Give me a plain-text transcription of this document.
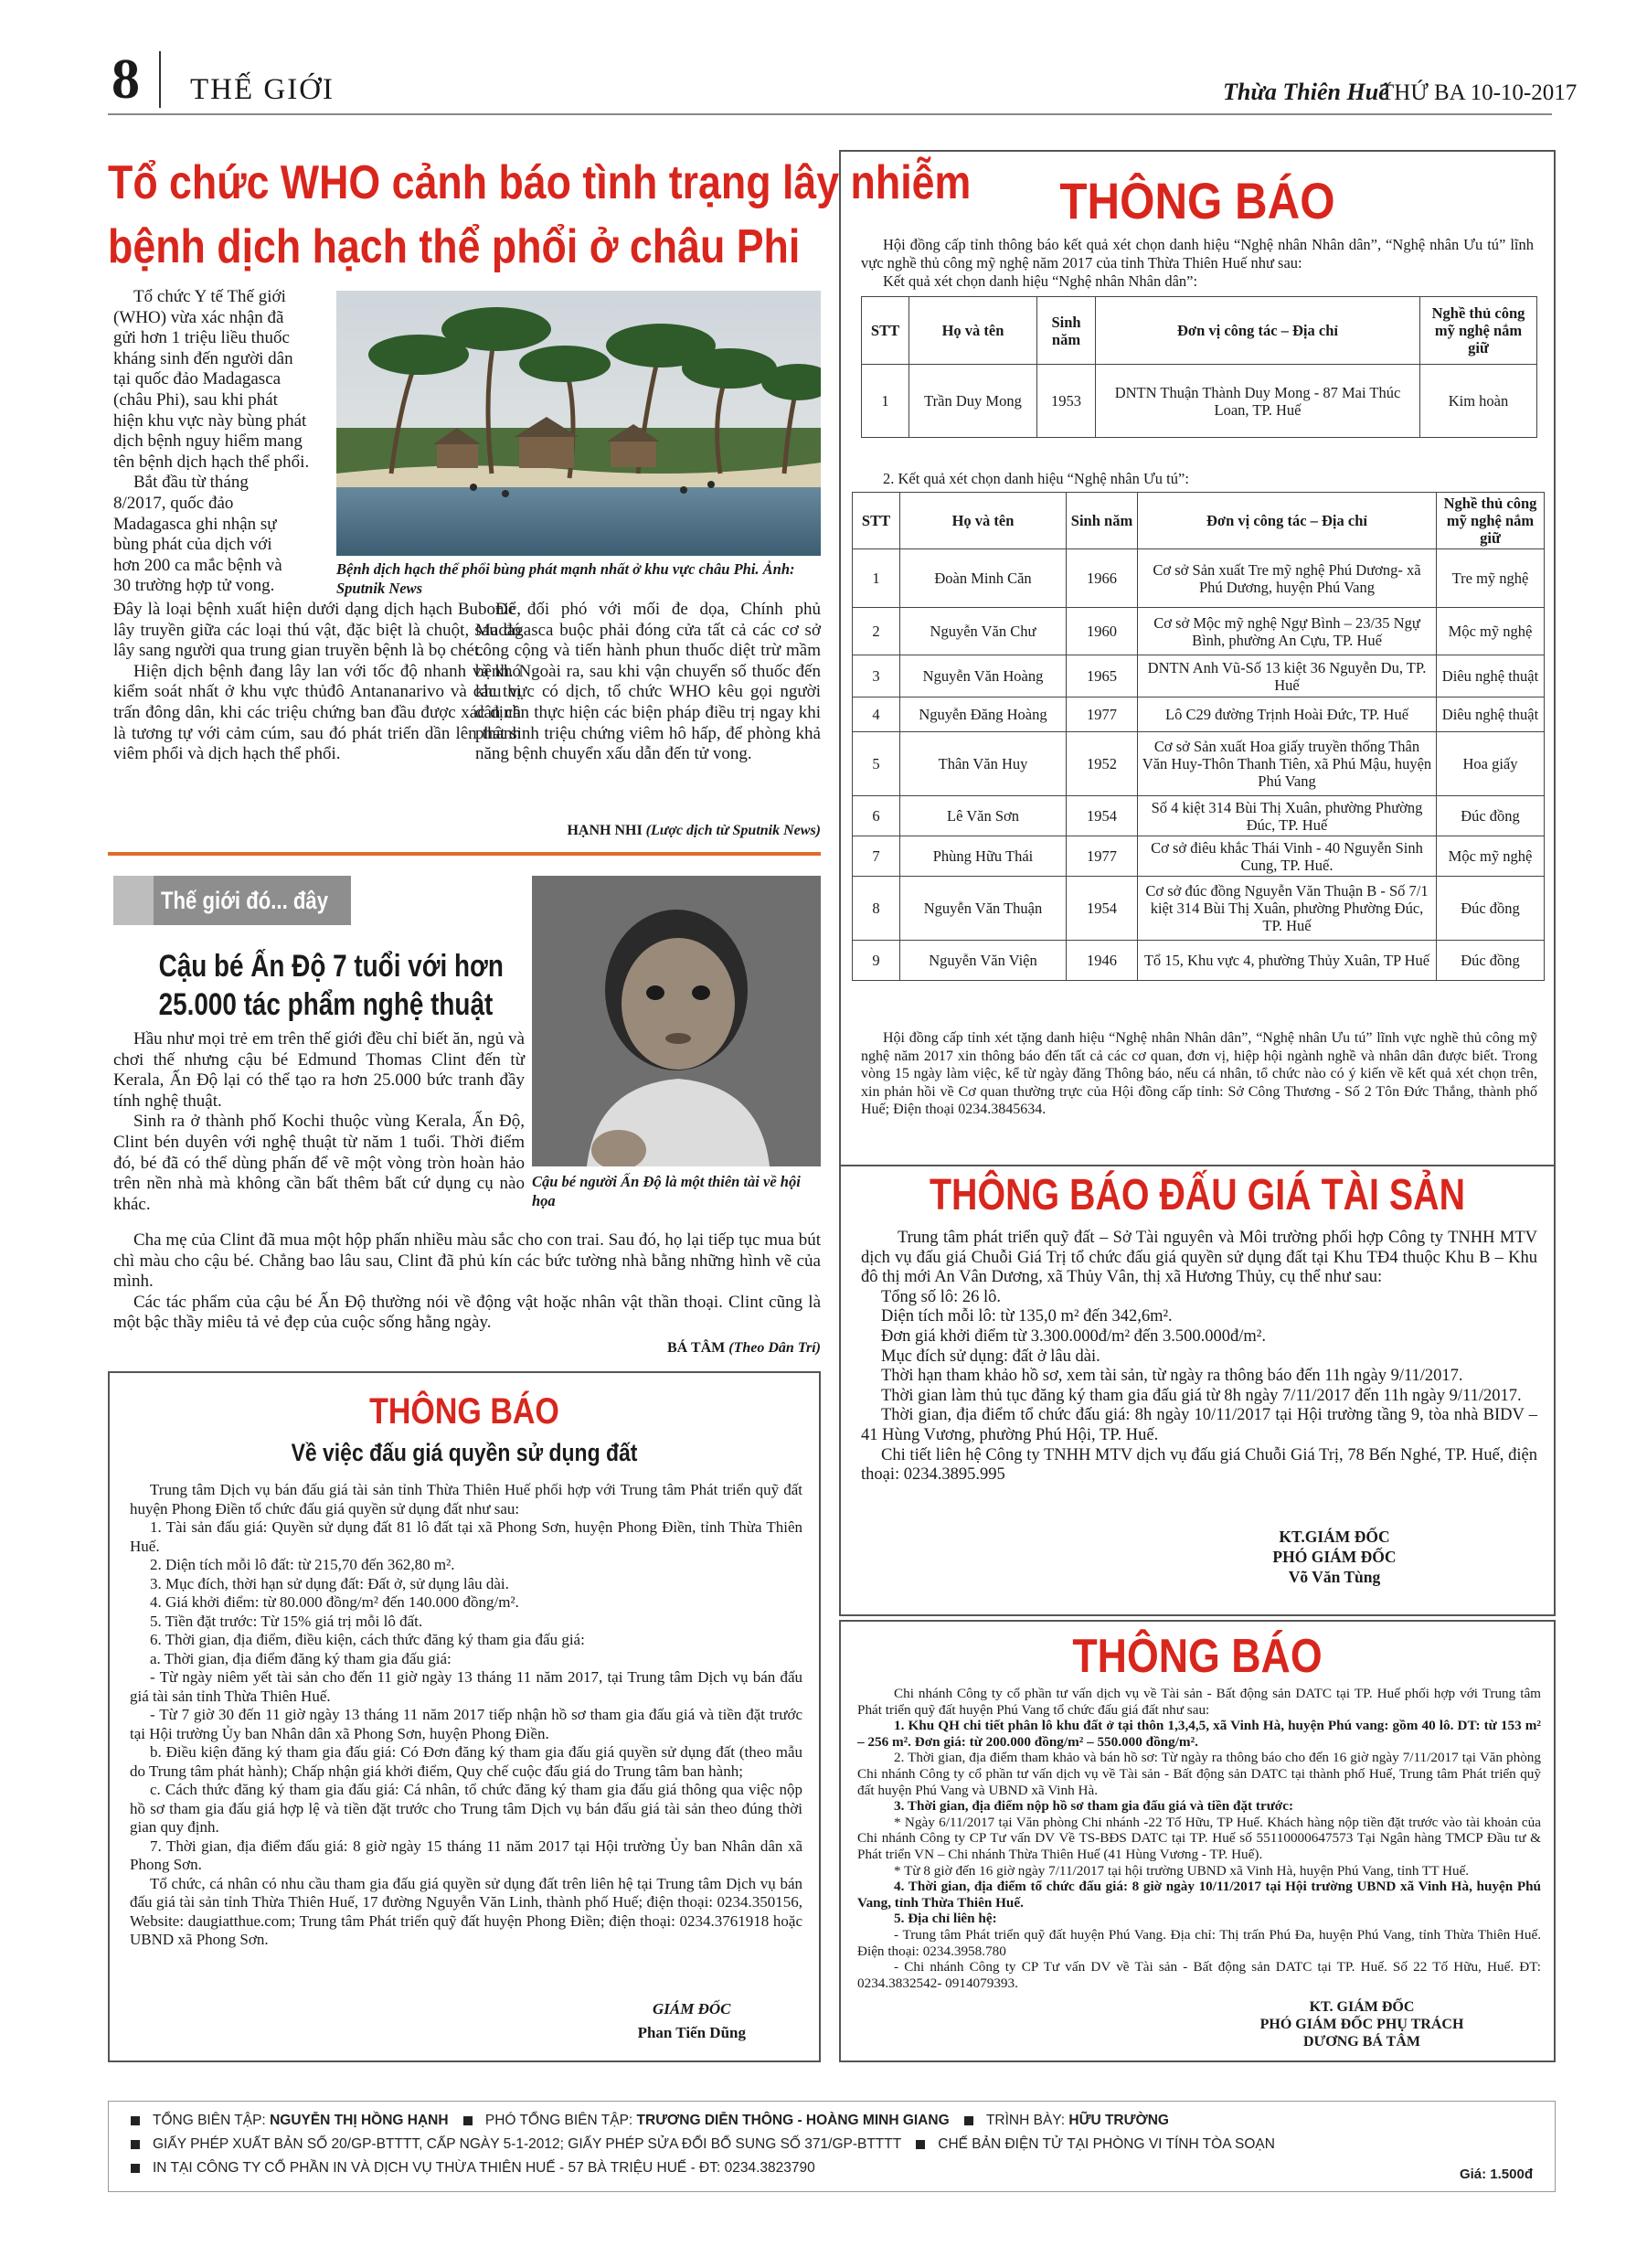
8 THẾ GIỚI	Thừa Thiên Huế
THỨ BA 10-10-2017
Tổ chức WHO cảnh báo tình trạng lây nhiễm
bệnh dịch hạch thể phổi ở châu Phi
Tổ chức Y tế Thế giới
(WHO) vừa xác nhận đã
gửi hơn 1 triệu liều thuốc
kháng sinh đến người dân
tại quốc đảo Madagasca
(châu Phi), sau khi phát
hiện khu vực này bùng phát
dịch bệnh nguy hiểm mang
tên bệnh dịch hạch thể phổi.
Bắt đầu từ tháng
8/2017, quốc đảo
Madagasca ghi nhận sự
bùng phát của dịch với
hơn 200 ca mắc bệnh và
30 trường hợp tử vong.
Bệnh dịch hạch thể phổi bùng phát mạnh nhất ở khu vực châu Phi. Ảnh: Sputnik News

Đây là loại bệnh xuất hiện dưới dạng dịch hạch Bubonic, lây truyền giữa các loại thú vật, đặc biệt là chuột, sau đó lây sang người qua trung gian truyền bệnh là bọ chét.

Hiện dịch bệnh đang lây lan với tốc độ nhanh và khó kiểm soát nhất ở khu vực thủđô Antananarivo và các thị trấn đông dân, khi các triệu chứng ban đầu được xác định là tương tự với cảm cúm, sau đó phát triển dần lên thành viêm phổi và dịch hạch thể phổi.

Để đối phó với mối đe dọa, Chính phủ Madagasca buộc phải đóng cửa tất cả các cơ sở công cộng và tiến hành phun thuốc diệt trừ mầm bệnh. Ngoài ra, sau khi vận chuyển số thuốc đến khu vực có dịch, tổ chức WHO kêu gọi người dân cần thực hiện các biện pháp điều trị ngay khi phát sinh triệu chứng viêm hô hấp, để phòng khả năng bệnh chuyển xấu dẫn đến tử vong.

HẠNH NHI (Lược dịch từ Sputnik News)
Thế giới đó... đây
Cậu bé Ấn Độ 7 tuổi với hơn
25.000 tác phẩm nghệ thuật
Cậu bé người Ấn Độ là một thiên tài về hội họa

Hầu như mọi trẻ em trên thế giới đều chỉ biết ăn, ngủ và chơi thế nhưng cậu bé Edmund Thomas Clint đến từ Kerala, Ấn Độ lại có thể tạo ra hơn 25.000 bức tranh đầy tính nghệ thuật.

Sinh ra ở thành phố Kochi thuộc vùng Kerala, Ấn Độ, Clint bén duyên với nghệ thuật từ năm 1 tuổi. Thời điểm đó, bé đã có thể dùng phấn để vẽ một vòng tròn hoàn hảo trên nền nhà mà không cần bất thêm bất cứ dụng cụ nào khác.

Cha mẹ của Clint đã mua một hộp phấn nhiều màu sắc cho con trai. Sau đó, họ lại tiếp tục mua bút chì màu cho cậu bé. Chẳng bao lâu sau, Clint đã phủ kín các bức tường nhà bằng những hình vẽ của mình.

Các tác phẩm của cậu bé Ấn Độ thường nói về động vật hoặc nhân vật thần thoại. Clint cũng là một bậc thầy miêu tả vẻ đẹp của cuộc sống hằng ngày.

BÁ TÂM (Theo Dân Trí)
THÔNG BÁO
Về việc đấu giá quyền sử dụng đất

Trung tâm Dịch vụ bán đấu giá tài sản tỉnh Thừa Thiên Huế phối hợp với Trung tâm Phát triển quỹ đất huyện Phong Điền tổ chức đấu giá quyền sử dụng đất như sau:

1. Tài sản đấu giá: Quyền sử dụng đất 81 lô đất tại xã Phong Sơn, huyện Phong Điền, tỉnh Thừa Thiên Huế.

2. Diện tích mỗi lô đất: từ 215,70 đến 362,80 m².

3. Mục đích, thời hạn sử dụng đất: Đất ở, sử dụng lâu dài.

4. Giá khởi điểm: từ 80.000 đồng/m² đến 140.000 đồng/m².

5. Tiền đặt trước: Từ 15% giá trị mỗi lô đất.

6. Thời gian, địa điểm, điều kiện, cách thức đăng ký tham gia đấu giá:

a. Thời gian, địa điểm đăng ký tham gia đấu giá:

- Từ ngày niêm yết tài sản cho đến 11 giờ ngày 13 tháng 11 năm 2017, tại Trung tâm Dịch vụ bán đấu giá tài sản tỉnh Thừa Thiên Huế.

- Từ 7 giờ 30 đến 11 giờ ngày 13 tháng 11 năm 2017 tiếp nhận hồ sơ tham gia đấu giá và tiền đặt trước tại Hội trường Ủy ban Nhân dân xã Phong Sơn, huyện Phong Điền.

b. Điều kiện đăng ký tham gia đấu giá: Có Đơn đăng ký tham gia đấu giá quyền sử dụng đất (theo mẫu do Trung tâm phát hành); Chấp nhận giá khởi điểm, Quy chế cuộc đấu giá do Trung tâm ban hành;

c. Cách thức đăng ký tham gia đấu giá: Cá nhân, tổ chức đăng ký tham gia đấu giá thông qua việc nộp hồ sơ tham gia đấu giá hợp lệ và tiền đặt trước cho Trung tâm Dịch vụ bán đấu giá tài sản theo đúng thời gian quy định.

7. Thời gian, địa điểm đấu giá: 8 giờ ngày 15 tháng 11 năm 2017 tại Hội trường Ủy ban Nhân dân xã Phong Sơn.

Tổ chức, cá nhân có nhu cầu tham gia đấu giá quyền sử dụng đất trên liên hệ tại Trung tâm Dịch vụ bán đấu giá tài sản tỉnh Thừa Thiên Huế, 17 đường Nguyễn Văn Linh, thành phố Huế; điện thoại: 0234.350156, Website: daugiatthue.com; Trung tâm Phát triển quỹ đất huyện Phong Điền; điện thoại: 0234.3761918 hoặc UBND xã Phong Sơn.

GIÁM ĐỐC
Phan Tiến Dũng
THÔNG BÁO
Hội đồng cấp tỉnh thông báo kết quả xét chọn danh hiệu “Nghệ nhân Nhân dân”, “Nghệ nhân Ưu tú” lĩnh vực nghề thủ công mỹ nghệ năm 2017 của tỉnh Thừa Thiên Huế như sau:
Kết quả xét chọn danh hiệu “Nghệ nhân Nhân dân”:
STT	Họ và tên	Sinh năm	Đơn vị công tác – Địa chỉ	Nghề thủ công mỹ nghệ nắm giữ
1	Trần Duy Mong	1953	DNTN Thuận Thành Duy Mong - 87 Mai Thúc Loan, TP. Huế	Kim hoàn
2. Kết quả xét chọn danh hiệu “Nghệ nhân Ưu tú”:
STT	Họ và tên	Sinh năm	Đơn vị công tác – Địa chỉ	Nghề thủ công mỹ nghệ nắm giữ
1	Đoàn Minh Căn	1966	Cơ sở Sản xuất Tre mỹ nghệ Phú Dương- xã Phú Dương, huyện Phú Vang	Tre mỹ nghệ
2	Nguyễn Văn Chư	1960	Cơ sở Mộc mỹ nghệ Ngự Bình – 23/35 Ngự Bình, phường An Cựu, TP. Huế	Mộc mỹ nghệ
3	Nguyễn Văn Hoàng	1965	DNTN Anh Vũ-Số 13 kiệt 36 Nguyễn Du, TP. Huế	Diêu nghệ thuật
4	Nguyễn Đăng Hoàng	1977	Lô C29 đường Trịnh Hoài Đức, TP. Huế	Diêu nghệ thuật
5	Thân Văn Huy	1952	Cơ sở Sản xuất Hoa giấy truyền thống Thân Văn Huy-Thôn Thanh Tiên, xã Phú Mậu, huyện Phú Vang	Hoa giấy
6	Lê Văn Sơn	1954	Số 4 kiệt 314 Bùi Thị Xuân, phường Phường Đúc, TP. Huế	Đúc đồng
7	Phùng Hữu Thái	1977	Cơ sở điêu khắc Thái Vinh - 40 Nguyễn Sinh Cung, TP. Huế.	Mộc mỹ nghệ
8	Nguyễn Văn Thuận	1954	Cơ sở đúc đồng Nguyễn Văn Thuận B - Số 7/1 kiệt 314 Bùi Thị Xuân, phường Phường Đúc, TP. Huế	Đúc đồng
9	Nguyễn Văn Viện	1946	Tổ 15, Khu vực 4, phường Thủy Xuân, TP Huế	Đúc đồng
Hội đồng cấp tỉnh xét tặng danh hiệu “Nghệ nhân Nhân dân”, “Nghệ nhân Ưu tú” lĩnh vực nghề thủ công mỹ nghệ năm 2017 xin thông báo đến tất cả các cơ quan, đơn vị, hiệp hội ngành nghề và nhân dân được biết. Trong vòng 15 ngày làm việc, kể từ ngày đăng Thông báo, nếu cá nhân, tổ chức nào có ý kiến về kết quả xét chọn trên, xin phản hồi về Cơ quan thường trực của Hội đồng cấp tỉnh: Sở Công Thương - Số 2 Tôn Đức Thắng, thành phố Huế; Điện thoại 0234.3845634.
THÔNG BÁO ĐẤU GIÁ TÀI SẢN

Trung tâm phát triển quỹ đất – Sở Tài nguyên và Môi trường phối hợp Công ty TNHH MTV dịch vụ đấu giá Chuỗi Giá Trị tổ chức đấu giá quyền sử dụng đất tại Khu TĐ4 thuộc Khu B – Khu đô thị mới An Vân Dương, xã Thủy Vân, thị xã Hương Thủy, cụ thể như sau:

Tổng số lô: 26 lô.

Diện tích mỗi lô: từ 135,0 m² đến 342,6m².

Đơn giá khởi điểm từ 3.300.000đ/m² đến 3.500.000đ/m².

Mục đích sử dụng: đất ở lâu dài.

Thời hạn tham khảo hồ sơ, xem tài sản, từ ngày ra thông báo đến 11h ngày 9/11/2017.

Thời gian làm thủ tục đăng ký tham gia đấu giá từ 8h ngày 7/11/2017 đến 11h ngày 9/11/2017.

Thời gian, địa điểm tổ chức đấu giá: 8h ngày 10/11/2017 tại Hội trường tầng 9, tòa nhà BIDV – 41 Hùng Vương, phường Phú Hội, TP. Huế.

Chi tiết liên hệ Công ty TNHH MTV dịch vụ đấu giá Chuỗi Giá Trị, 78 Bến Nghé, TP. Huế, điện thoại: 0234.3895.995

KT.GIÁM ĐỐC
PHÓ GIÁM ĐỐC
Võ Văn Tùng
THÔNG BÁO

Chi nhánh Công ty cổ phần tư vấn dịch vụ về Tài sản - Bất động sản DATC tại TP. Huế phối hợp với Trung tâm Phát triển quỹ đất huyện Phú Vang tổ chức đấu giá đất như sau:

1. Khu QH chi tiết phân lô khu đất ở tại thôn 1,3,4,5, xã Vinh Hà, huyện Phú vang: gồm 40 lô. DT: từ 153 m² – 256 m². Đơn giá: từ 200.000 đồng/m² – 550.000 đồng/m².

2. Thời gian, địa điểm tham khảo và bán hồ sơ: Từ ngày ra thông báo cho đến 16 giờ ngày 7/11/2017 tại Văn phòng Chi nhánh Công ty cổ phần tư vấn dịch vụ về Tài sản - Bất động sản DATC tại thành phố Huế, Trung tâm Phát triển quỹ đất huyện Phú Vang và UBND xã Vinh Hà.

3. Thời gian, địa điểm nộp hồ sơ tham gia đấu giá và tiền đặt trước:

* Ngày 6/11/2017 tại Văn phòng Chi nhánh -22 Tố Hữu, TP Huế. Khách hàng nộp tiền đặt trước vào tài khoản của Chi nhánh Công ty CP Tư vấn DV Về TS-BĐS DATC tại TP. Huế số 55110000647573 Tại Ngân hàng TMCP Đầu tư & Phát triển VN – Chi nhánh Thừa Thiên Huế (41 Hùng Vương - TP. Huế).

* Từ 8 giờ đến 16 giờ ngày 7/11/2017 tại hội trường UBND xã Vinh Hà, huyện Phú Vang, tỉnh TT Huế.

4. Thời gian, địa điểm tổ chức đấu giá: 8 giờ ngày 10/11/2017 tại Hội trường UBND xã Vinh Hà, huyện Phú Vang, tỉnh Thừa Thiên Huế.

5. Địa chỉ liên hệ:

- Trung tâm Phát triển quỹ đất huyện Phú Vang. Địa chỉ: Thị trấn Phú Đa, huyện Phú Vang, tỉnh Thừa Thiên Huế. Điện thoại: 0234.3958.780

- Chi nhánh Công ty CP Tư vấn DV về Tài sản - Bất động sản DATC tại TP. Huế. Số 22 Tố Hữu, Huế. ĐT: 0234.3832542- 0914079393.

KT. GIÁM ĐỐC
PHÓ GIÁM ĐỐC PHỤ TRÁCH
DƯƠNG BÁ TÂM
TỔNG BIÊN TẬP: NGUYỄN THỊ HỒNG HẠNH	PHÓ TỔNG BIÊN TẬP: TRƯƠNG DIỄN THÔNG - HOÀNG MINH GIANG	TRÌNH BÀY: HỮU TRƯỜNG
GIẤY PHÉP XUẤT BẢN SỐ 20/GP-BTTTT, CẤP NGÀY 5-1-2012; GIẤY PHÉP SỬA ĐỔI BỔ SUNG SỐ 371/GP-BTTTT	CHẾ BẢN ĐIỆN TỬ TẠI PHÒNG VI TÍNH TÒA SOẠN
IN TẠI CÔNG TY CỔ PHẦN IN VÀ DỊCH VỤ THỪA THIÊN HUẾ - 57 BÀ TRIỆU HUẾ - ĐT: 0234.3823790	Giá: 1.500đ
